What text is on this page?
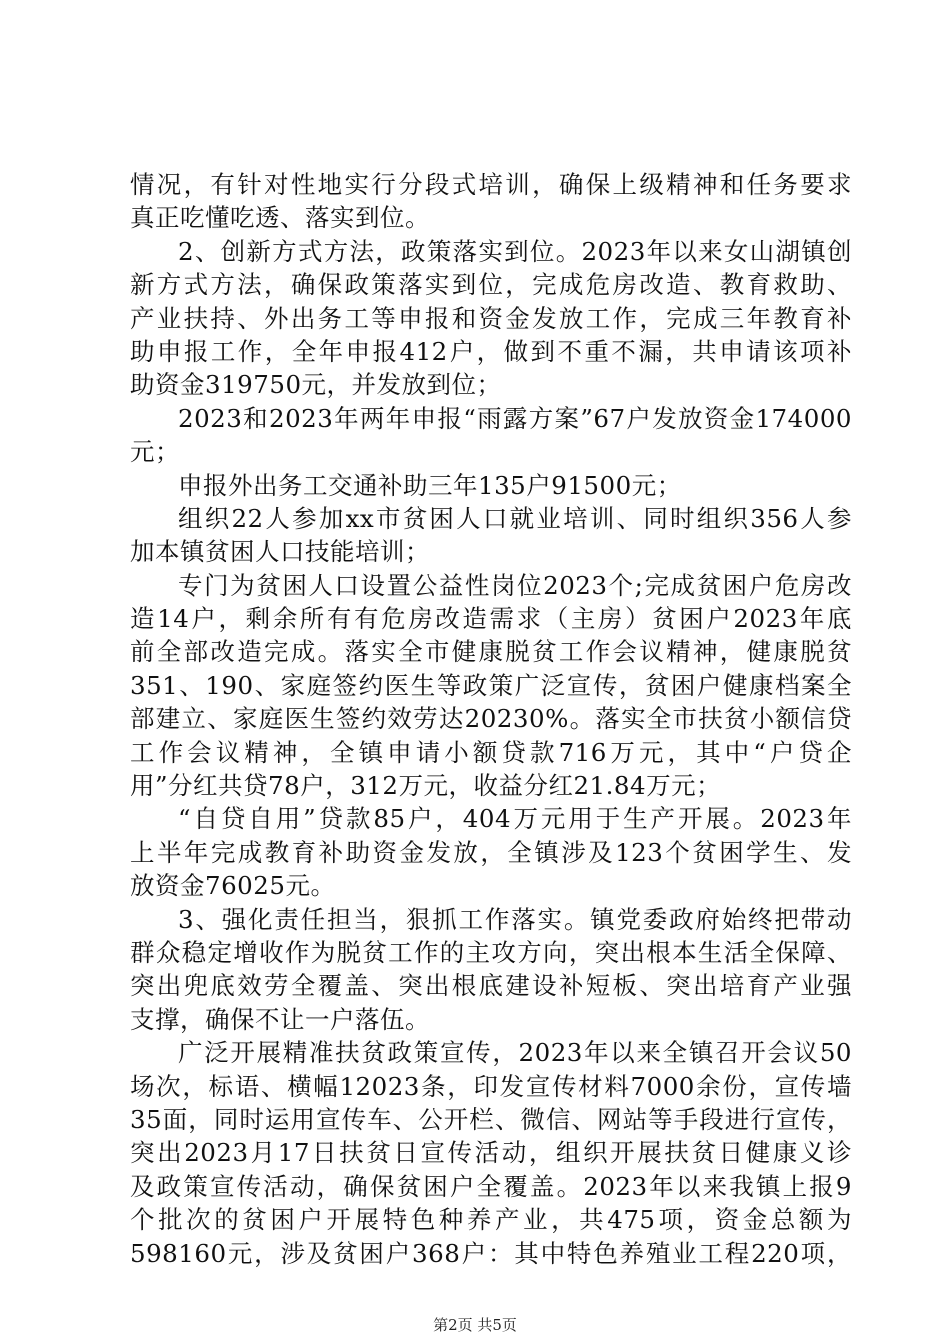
情况，有针对性地实行分段式培训，确保上级精神和任务要求
真正吃懂吃透、落实到位。
2、创新方式方法，政策落实到位。2023年以来女山湖镇创
新方式方法，确保政策落实到位，完成危房改造、教育救助、
产业扶持、外出务工等申报和资金发放工作，完成三年教育补
助申报工作，全年申报412户，做到不重不漏，共申请该项补
助资金319750元，并发放到位；
2023和2023年两年申报“雨露方案”67户发放资金174000
元；
申报外出务工交通补助三年135户91500元；
组织22人参加xx市贫困人口就业培训、同时组织356人参
加本镇贫困人口技能培训；
专门为贫困人口设置公益性岗位2023个;完成贫困户危房改
造14户，剩余所有有危房改造需求（主房）贫困户2023年底
前全部改造完成。落实全市健康脱贫工作会议精神，健康脱贫
351、190、家庭签约医生等政策广泛宣传，贫困户健康档案全
部建立、家庭医生签约效劳达20230%。落实全市扶贫小额信贷
工作会议精神，全镇申请小额贷款716万元，其中“户贷企
用”分红共贷78户，312万元，收益分红21.84万元；
“自贷自用”贷款85户，404万元用于生产开展。2023年
上半年完成教育补助资金发放，全镇涉及123个贫困学生、发
放资金76025元。
3、强化责任担当，狠抓工作落实。镇党委政府始终把带动
群众稳定增收作为脱贫工作的主攻方向，突出根本生活全保障、
突出兜底效劳全覆盖、突出根底建设补短板、突出培育产业强
支撑，确保不让一户落伍。
广泛开展精准扶贫政策宣传，2023年以来全镇召开会议50
场次，标语、横幅12023条，印发宣传材料7000余份，宣传墙
35面，同时运用宣传车、公开栏、微信、网站等手段进行宣传，
突出2023月17日扶贫日宣传活动，组织开展扶贫日健康义诊
及政策宣传活动，确保贫困户全覆盖。2023年以来我镇上报9
个批次的贫困户开展特色种养产业，共475项，资金总额为
598160元，涉及贫困户368户：其中特色养殖业工程220项，
第2页 共5页
